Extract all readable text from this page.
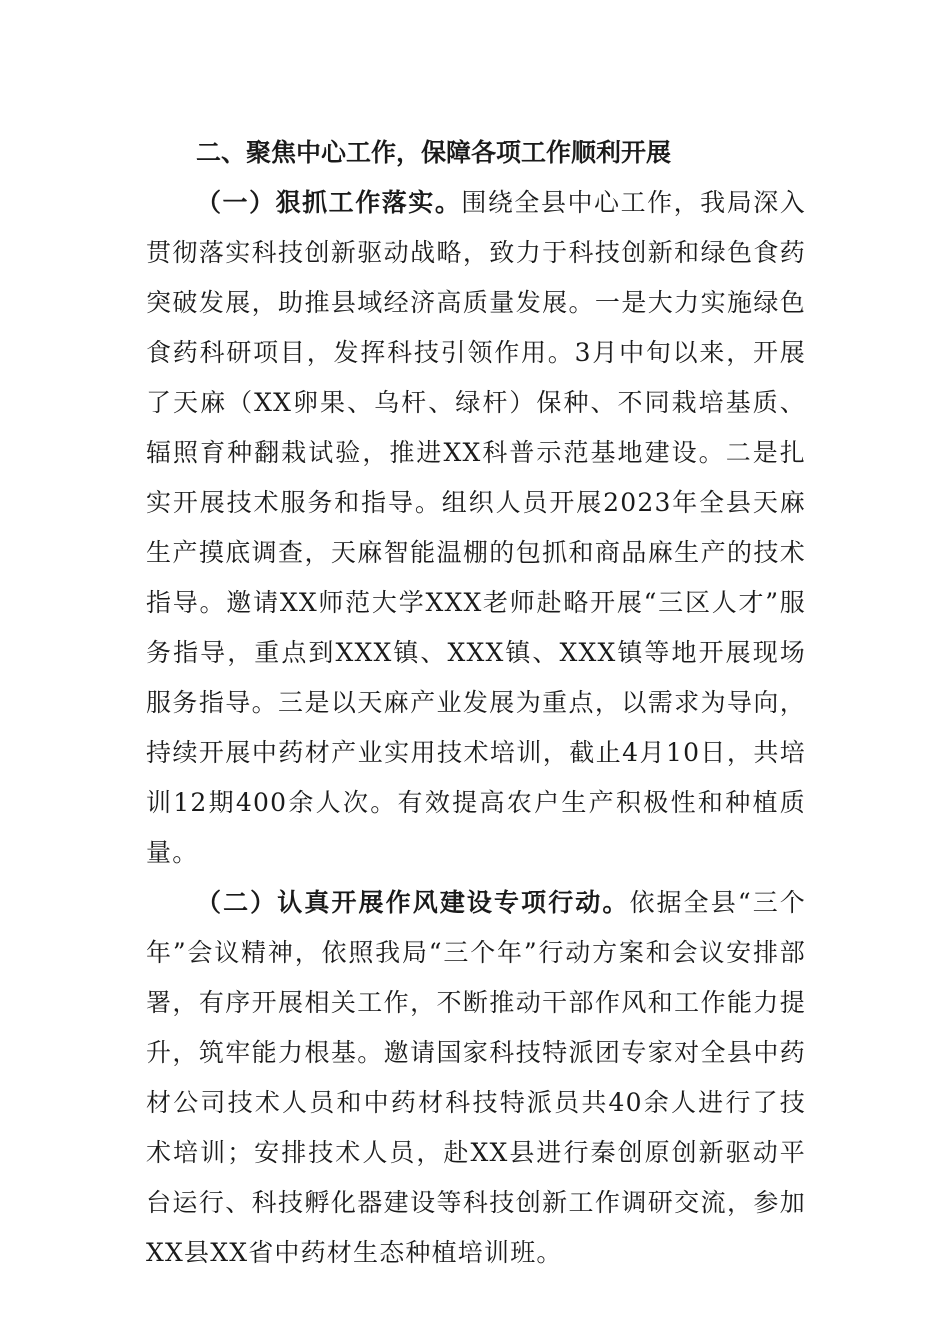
二、聚焦中心工作，保障各项工作顺利开展

（一）狠抓工作落实。围绕全县中心工作，我局深入贯彻落实科技创新驱动战略，致力于科技创新和绿色食药突破发展，助推县域经济高质量发展。一是大力实施绿色食药科研项目，发挥科技引领作用。3月中旬以来，开展了天麻（XX卵果、乌杆、绿杆）保种、不同栽培基质、辐照育种翻栽试验，推进XX科普示范基地建设。二是扎实开展技术服务和指导。组织人员开展2023年全县天麻生产摸底调查，天麻智能温棚的包抓和商品麻生产的技术指导。邀请XX师范大学XXX老师赴略开展“三区人才”服务指导，重点到XXX镇、XXX镇、XXX镇等地开展现场服务指导。三是以天麻产业发展为重点，以需求为导向，持续开展中药材产业实用技术培训，截止4月10日，共培训12期400余人次。有效提高农户生产积极性和种植质量。

（二）认真开展作风建设专项行动。依据全县“三个年”会议精神，依照我局“三个年”行动方案和会议安排部署，有序开展相关工作，不断推动干部作风和工作能力提升，筑牢能力根基。邀请国家科技特派团专家对全县中药材公司技术人员和中药材科技特派员共40余人进行了技术培训；安排技术人员，赴XX县进行秦创原创新驱动平台运行、科技孵化器建设等科技创新工作调研交流，参加XX县XX省中药材生态种植培训班。
